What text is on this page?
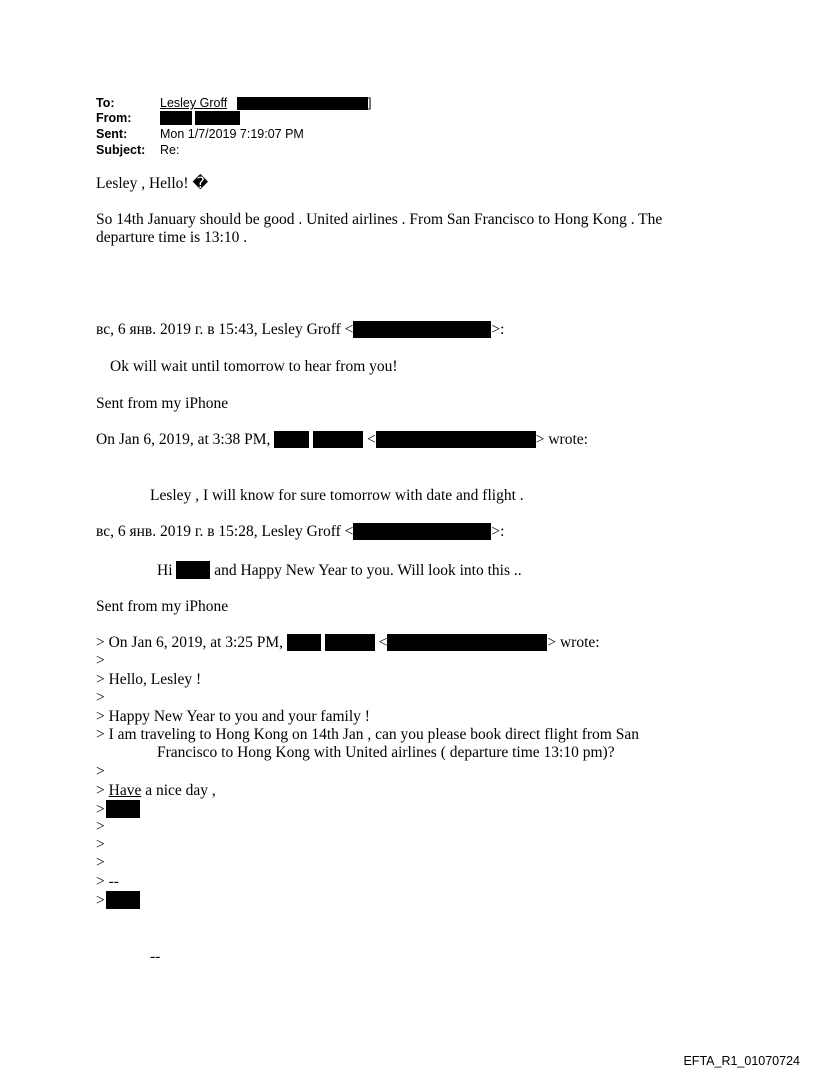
To:	Lesley Groff	]
From:
Sent:	Mon 1/7/2019 7:19:07 PM
Subject: Re:
Lesley , Hello! �
So 14th January should be good . United airlines . From San Francisco to Hong Kong . The
departure time is 13:10 .
вс, 6 янв. 2019 г. в 15:43, Lesley Groff <	>:
Ok will wait until tomorrow to hear from you!
Sent from my iPhone
On Jan 6, 2019, at 3:38 PM,	<	> wrote:
Lesley , I will know for sure tomorrow with date and flight .
вс, 6 янв. 2019 г. в 15:28, Lesley Groff <	>:
Hi	and Happy New Year to you. Will look into this ..
Sent from my iPhone
> On Jan 6, 2019, at 3:25 PM,	<	> wrote:
>
> Hello, Lesley !
>
> Happy New Year to you and your family !
> I am traveling to Hong Kong on 14th Jan , can you please book direct flight from San
Francisco to Hong Kong with United airlines ( departure time 13:10 pm)?
>
> Have a nice day ,
>
>
>
>
> --
>
--
EFTA_R1_01070724
